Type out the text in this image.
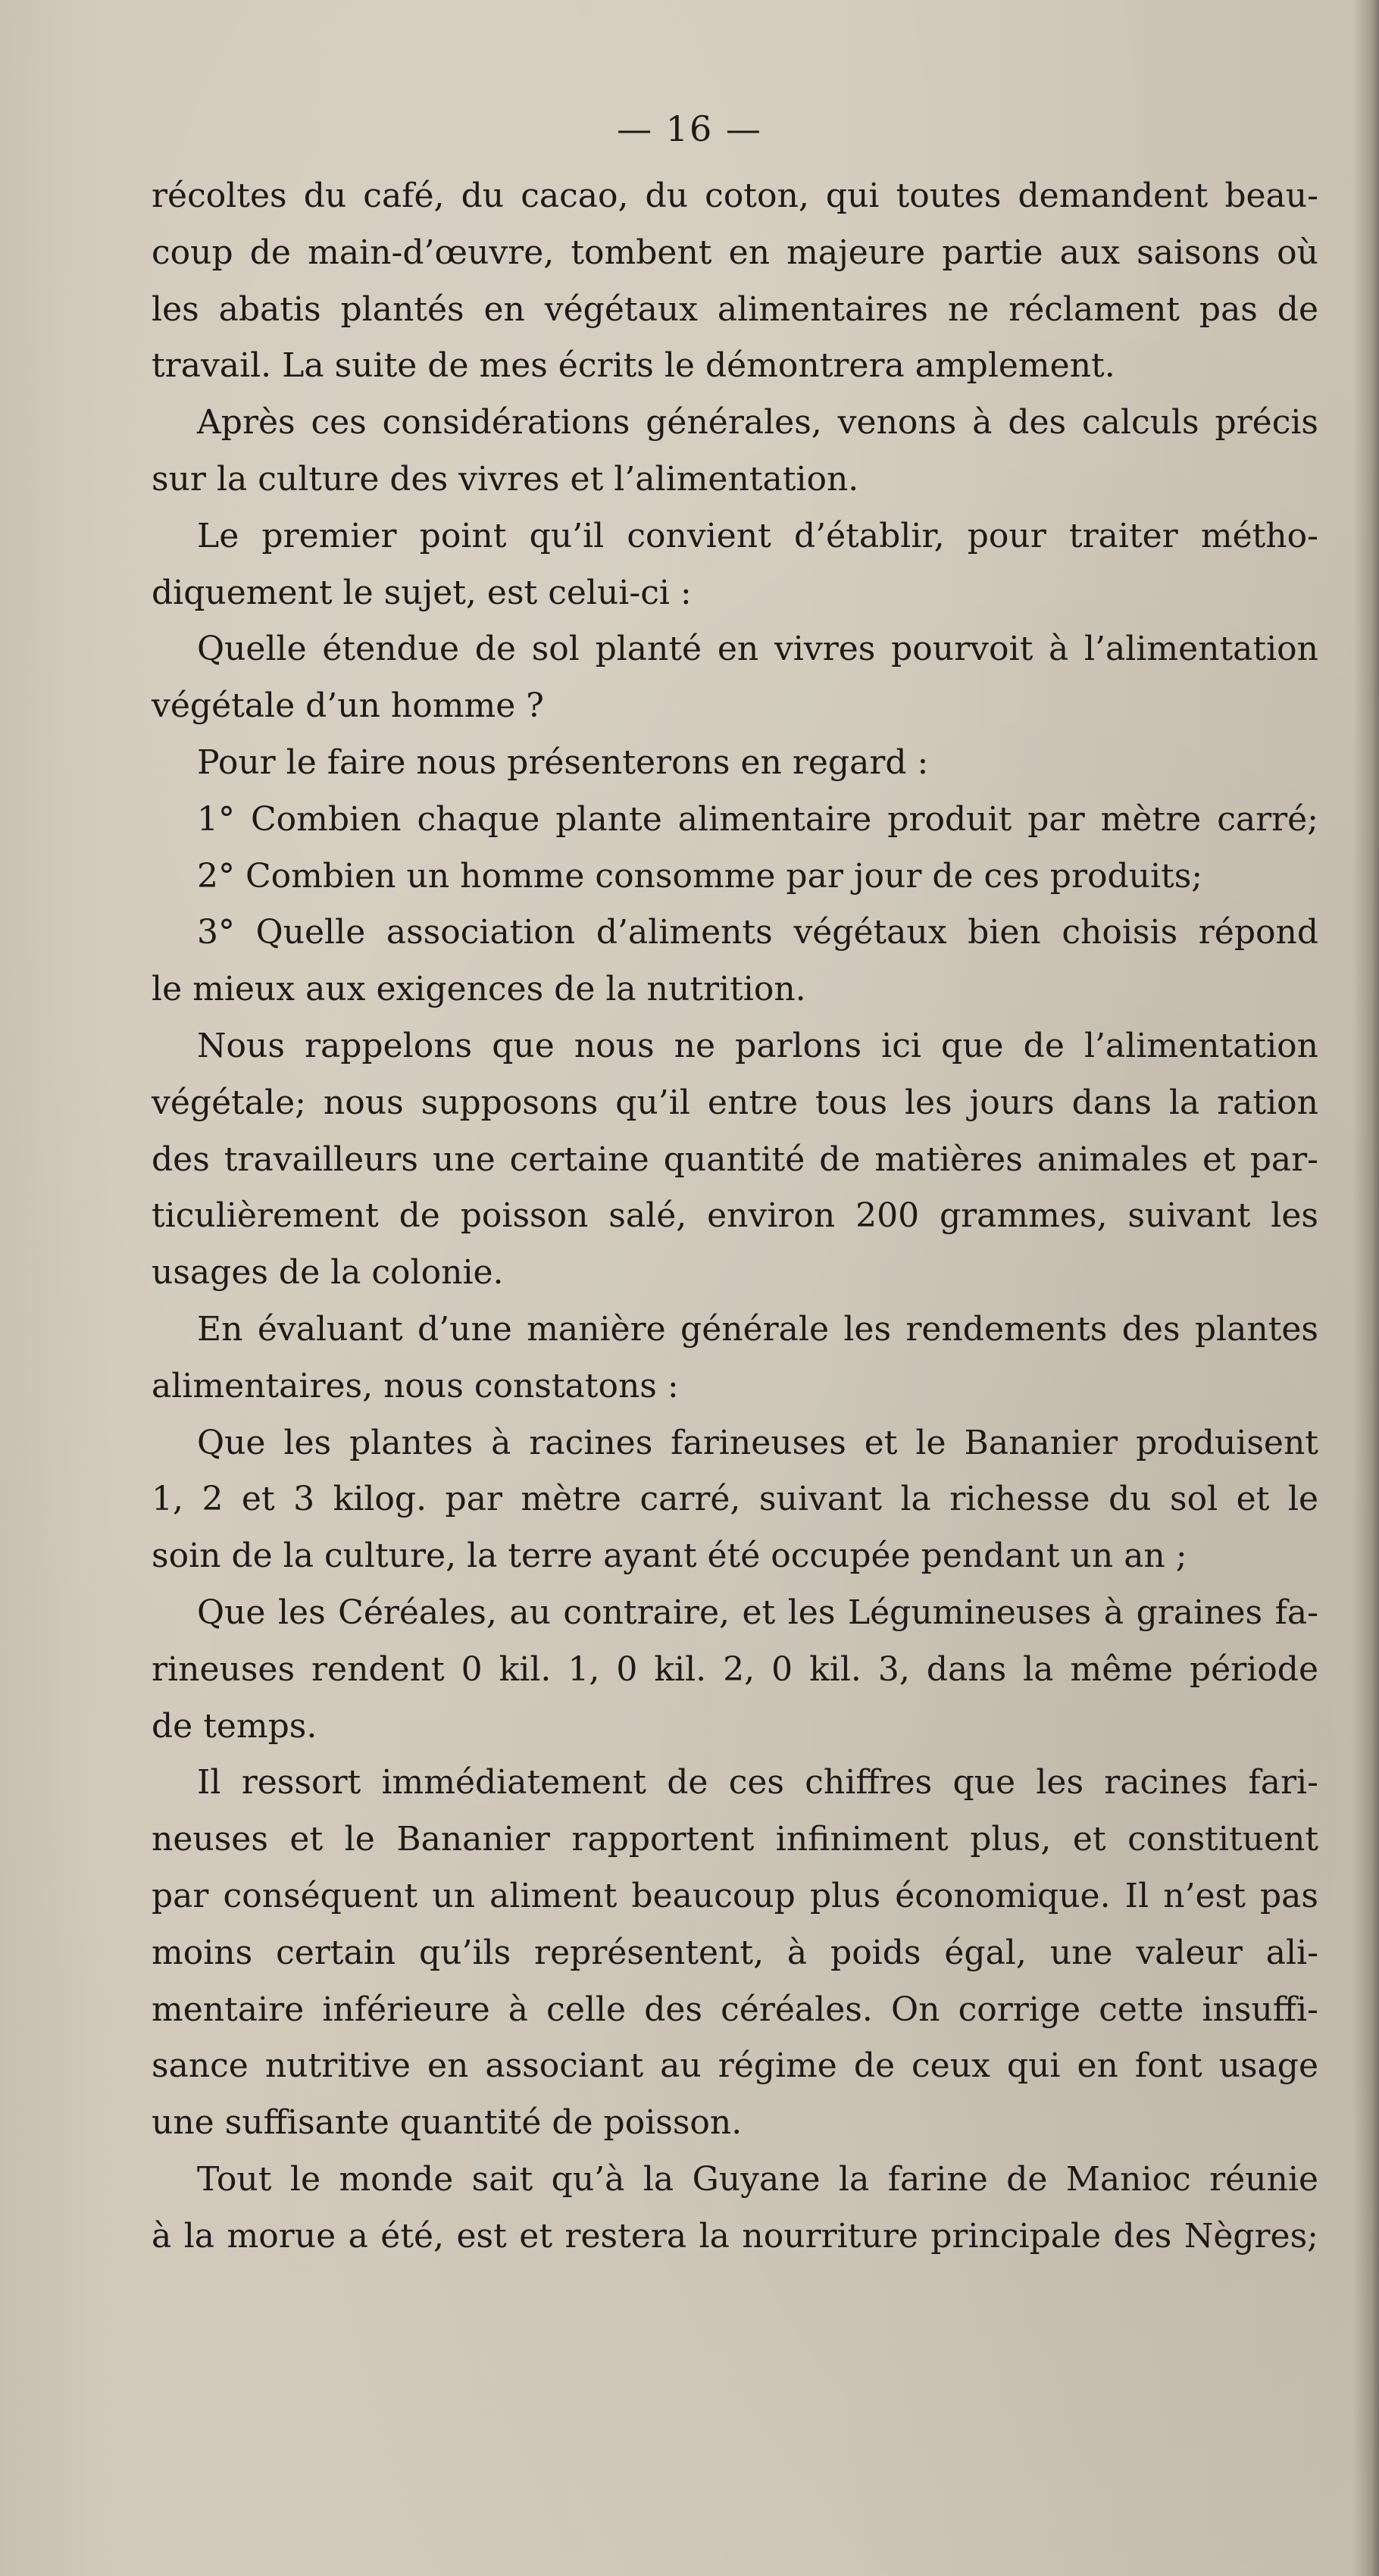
— 16 —
récoltes du café, du cacao, du coton, qui toutes demandent beau-
coup de main-d’œuvre, tombent en majeure partie aux saisons où
les abatis plantés en végétaux alimentaires ne réclament pas de
travail. La suite de mes écrits le démontrera amplement.
Après ces considérations générales, venons à des calculs précis
sur la culture des vivres et l’alimentation.
Le premier point qu’il convient d’établir, pour traiter métho-
diquement le sujet, est celui-ci :
Quelle étendue de sol planté en vivres pourvoit à l’alimentation
végétale d’un homme ?
Pour le faire nous présenterons en regard :
1° Combien chaque plante alimentaire produit par mètre carré;
2° Combien un homme consomme par jour de ces produits;
3° Quelle association d’aliments végétaux bien choisis répond
le mieux aux exigences de la nutrition.
Nous rappelons que nous ne parlons ici que de l’alimentation
végétale; nous supposons qu’il entre tous les jours dans la ration
des travailleurs une certaine quantité de matières animales et par-
ticulièrement de poisson salé, environ 200 grammes, suivant les
usages de la colonie.
En évaluant d’une manière générale les rendements des plantes
alimentaires, nous constatons :
Que les plantes à racines farineuses et le Bananier produisent
1, 2 et 3 kilog. par mètre carré, suivant la richesse du sol et le
soin de la culture, la terre ayant été occupée pendant un an ;
Que les Céréales, au contraire, et les Légumineuses à graines fa-
rineuses rendent 0 kil. 1, 0 kil. 2, 0 kil. 3, dans la même période
de temps.
Il ressort immédiatement de ces chiffres que les racines fari-
neuses et le Bananier rapportent infiniment plus, et constituent
par conséquent un aliment beaucoup plus économique. Il n’est pas
moins certain qu’ils représentent, à poids égal, une valeur ali-
mentaire inférieure à celle des céréales. On corrige cette insuffi-
sance nutritive en associant au régime de ceux qui en font usage
une suffisante quantité de poisson.
Tout le monde sait qu’à la Guyane la farine de Manioc réunie
à la morue a été, est et restera la nourriture principale des Nègres;
